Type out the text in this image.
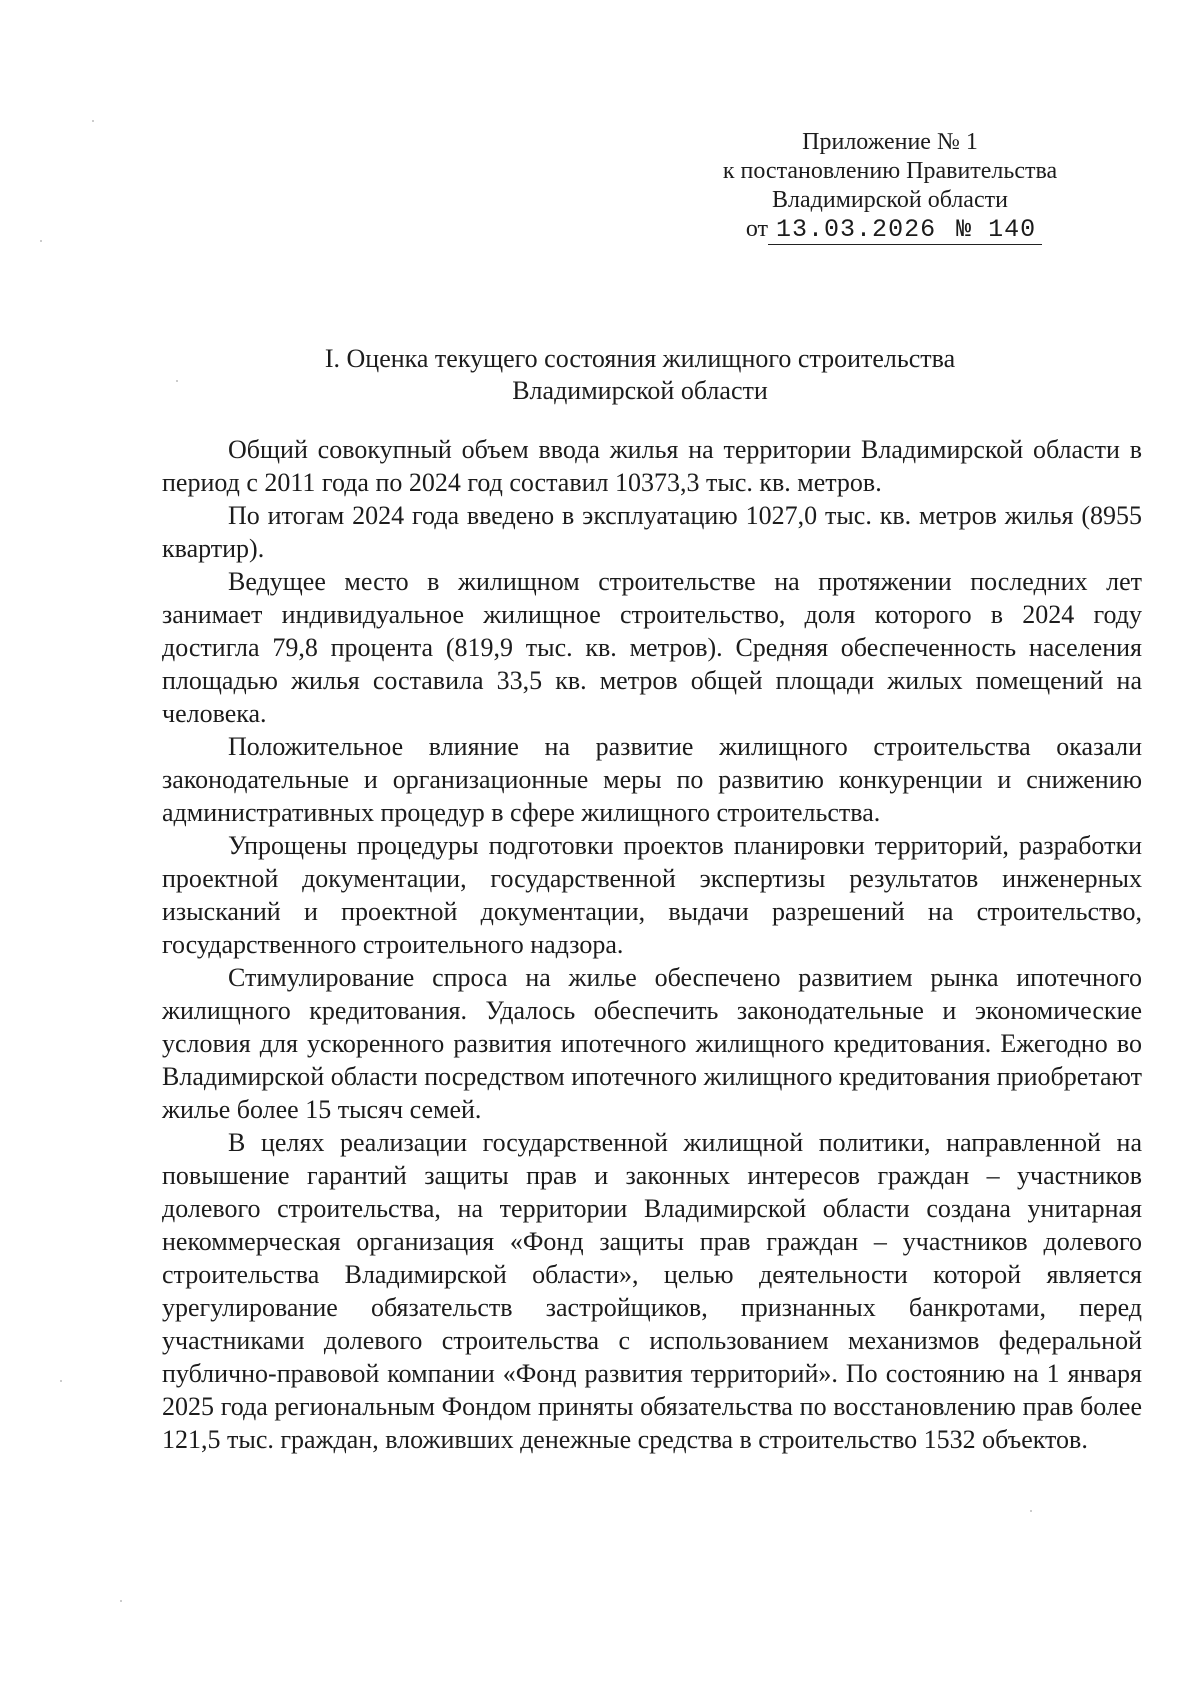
Приложение № 1
к постановлению Правительства
Владимирской области
от 13.03.2026 № 140
I. Оценка текущего состояния жилищного строительства
Владимирской области

Общий совокупный объем ввода жилья на территории Владимирской области в период с 2011 года по 2024 год составил 10373,3 тыс. кв. метров.

По итогам 2024 года введено в эксплуатацию 1027,0 тыс. кв. метров жилья (8955 квартир).

Ведущее место в жилищном строительстве на протяжении последних лет занимает индивидуальное жилищное строительство, доля которого в 2024 году достигла 79,8 процента (819,9 тыс. кв. метров). Средняя обеспеченность населения площадью жилья составила 33,5 кв. метров общей площади жилых помещений на человека.

Положительное влияние на развитие жилищного строительства оказали законодательные и организационные меры по развитию конкуренции и снижению административных процедур в сфере жилищного строительства.

Упрощены процедуры подготовки проектов планировки территорий, разработки проектной документации, государственной экспертизы результатов инженерных изысканий и проектной документации, выдачи разрешений на строительство, государственного строительного надзора.

Стимулирование спроса на жилье обеспечено развитием рынка ипотечного жилищного кредитования. Удалось обеспечить законодательные и экономические условия для ускоренного развития ипотечного жилищного кредитования. Ежегодно во Владимирской области посредством ипотечного жилищного кредитования приобретают жилье более 15 тысяч семей.

В целях реализации государственной жилищной политики, направленной на повышение гарантий защиты прав и законных интересов граждан – участников долевого строительства, на территории Владимирской области создана унитарная некоммерческая организация «Фонд защиты прав граждан – участников долевого строительства Владимирской области», целью деятельности которой является урегулирование обязательств застройщиков, признанных банкротами, перед участниками долевого строительства с использованием механизмов федеральной публично-правовой компании «Фонд развития территорий». По состоянию на 1 января 2025 года региональным Фондом приняты обязательства по восстановлению прав более 121,5 тыс. граждан, вложивших денежные средства в строительство 1532 объектов.
